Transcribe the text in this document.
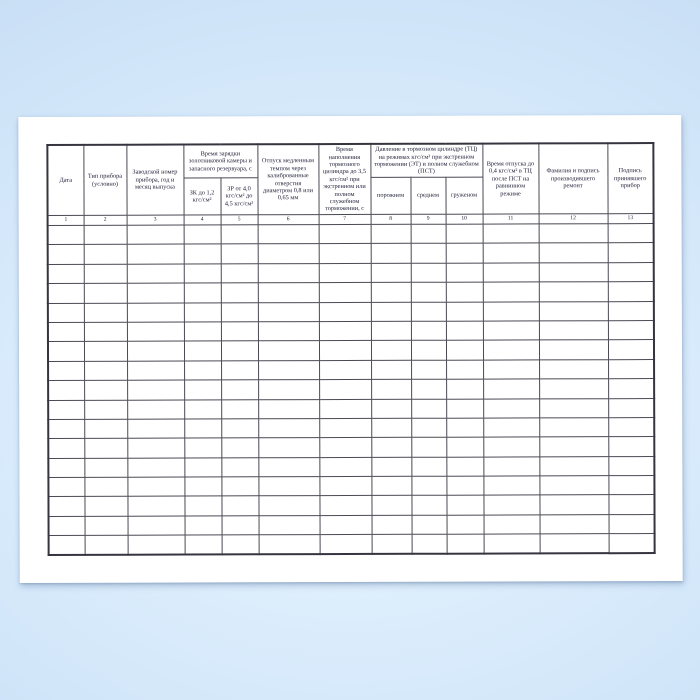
Дата	Тип прибора (условно)	Заводской номер прибора, год и месяц выпуска	Время зарядки золотниковой камеры и запасного резервуара, с		Отпуск медленным темпом через калиброванные отверстия диаметром 0,8 или 0,65 мм	Время наполнения тормозного цилиндра до 3,5 кгс/см² при экстренном или полном служебном торможении, с	Давление в тормозном цилиндре (ТЦ) на режимах кгс/см² при экстренном торможении (ЭТ) и полном служебном (ПСТ)			Время отпуска до 0,4 кгс/см² в ТЦ после ПСТ на равнинном режиме	Фамилия и подпись производившего ремонт	Подпись принявшего прибор
			ЗК до 1,2 кгс/см²	ЗР от 4,0 кгс/см² до 4,5 кгс/см²			порожнем	среднем	груженом			
1	2	3	4	5	6	7	8	9	10	11	12	13
